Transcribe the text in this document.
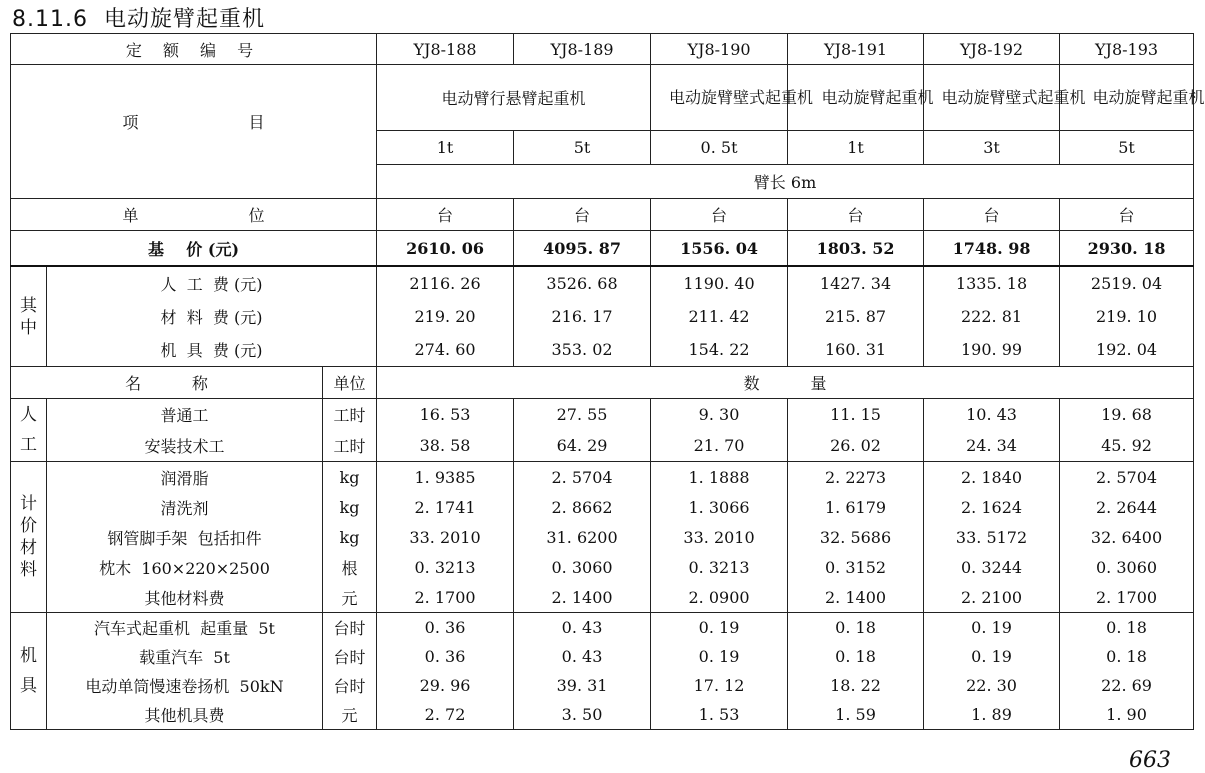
8.11.6 电动旋臂起重机
定 额 编 号			YJ8-188	YJ8-189	YJ8-190	YJ8-191	YJ8-192	YJ8-193
项 目			电动臂行悬臂起重机		电动旋臂壁式起重机	电动旋臂起重机	电动旋臂壁式起重机	电动旋臂起重机

			1t	5t	0. 5t	1t	3t	5t
			臂长 6m					
单 位			台	台	台	台	台	台
基    价 (元)			2610. 06	4095. 87	1556. 04	1803. 52	1748. 98	2930. 18

其中	人  工  费 (元)		2116. 26	3526. 68	1190. 40	1427. 34	1335. 18	2519. 04
	材  料  费 (元)		219. 20	216. 17	211. 42	215. 87	222. 81	219. 10
	机  具  费 (元)		274. 60	353. 02	154. 22	160. 31	190. 99	192. 04
名          称		单位	数          量					

人工	普通工	工时	16. 53	27. 55	9. 30	11. 15	10. 43	19. 68
	安装技术工	工时	38. 58	64. 29	21. 70	26. 02	24. 34	45. 92

计价材料	润滑脂	kg	1. 9385	2. 5704	1. 1888	2. 2273	2. 1840	2. 5704
	清洗剂	kg	2. 1741	2. 8662	1. 3066	1. 6179	2. 1624	2. 2644
	钢管脚手架  包括扣件	kg	33. 2010	31. 6200	33. 2010	32. 5686	33. 5172	32. 6400
	枕木  160×220×2500	根	0. 3213	0. 3060	0. 3213	0. 3152	0. 3244	0. 3060
	其他材料费	元	2. 1700	2. 1400	2. 0900	2. 1400	2. 2100	2. 1700

机具	汽车式起重机  起重量  5t	台时	0. 36	0. 43	0. 19	0. 18	0. 19	0. 18
	载重汽车  5t	台时	0. 36	0. 43	0. 19	0. 18	0. 19	0. 18
	电动单筒慢速卷扬机  50kN	台时	29. 96	39. 31	17. 12	18. 22	22. 30	22. 69
	其他机具费	元	2. 72	3. 50	1. 53	1. 59	1. 89	1. 90
663
